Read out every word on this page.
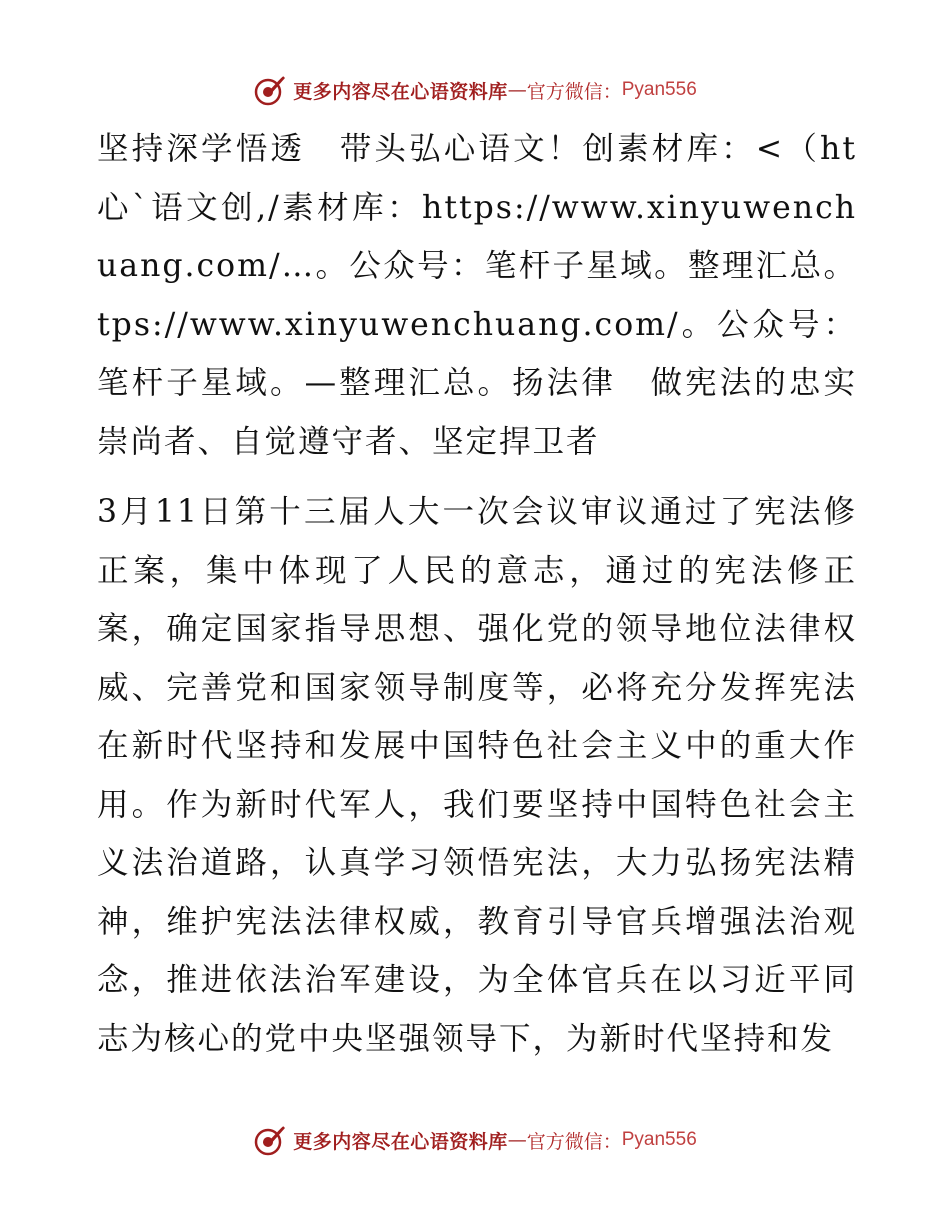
更多内容尽在心语资料库 — 官方微信： Pyan556

坚持深学悟透　带头弘心语文！创素材库：<（ht心`语文创,/素材库：https://www.xinyuwenchuang.com/…。公众号：笔杆子星域。整理汇总。tps://www.xinyuwenchuang.com/。公众号：笔杆子星域。—整理汇总。扬法律　做宪法的忠实崇尚者、自觉遵守者、坚定捍卫者

3月11日第十三届人大一次会议审议通过了宪法修正案，集中体现了人民的意志，通过的宪法修正案，确定国家指导思想、强化党的领导地位法律权威、完善党和国家领导制度等，必将充分发挥宪法在新时代坚持和发展中国特色社会主义中的重大作用。作为新时代军人，我们要坚持中国特色社会主义法治道路，认真学习领悟宪法，大力弘扬宪法精神，维护宪法法律权威，教育引导官兵增强法治观念，推进依法治军建设，为全体官兵在以习近平同志为核心的党中央坚强领导下，为新时代坚持和发

更多内容尽在心语资料库 — 官方微信： Pyan556
